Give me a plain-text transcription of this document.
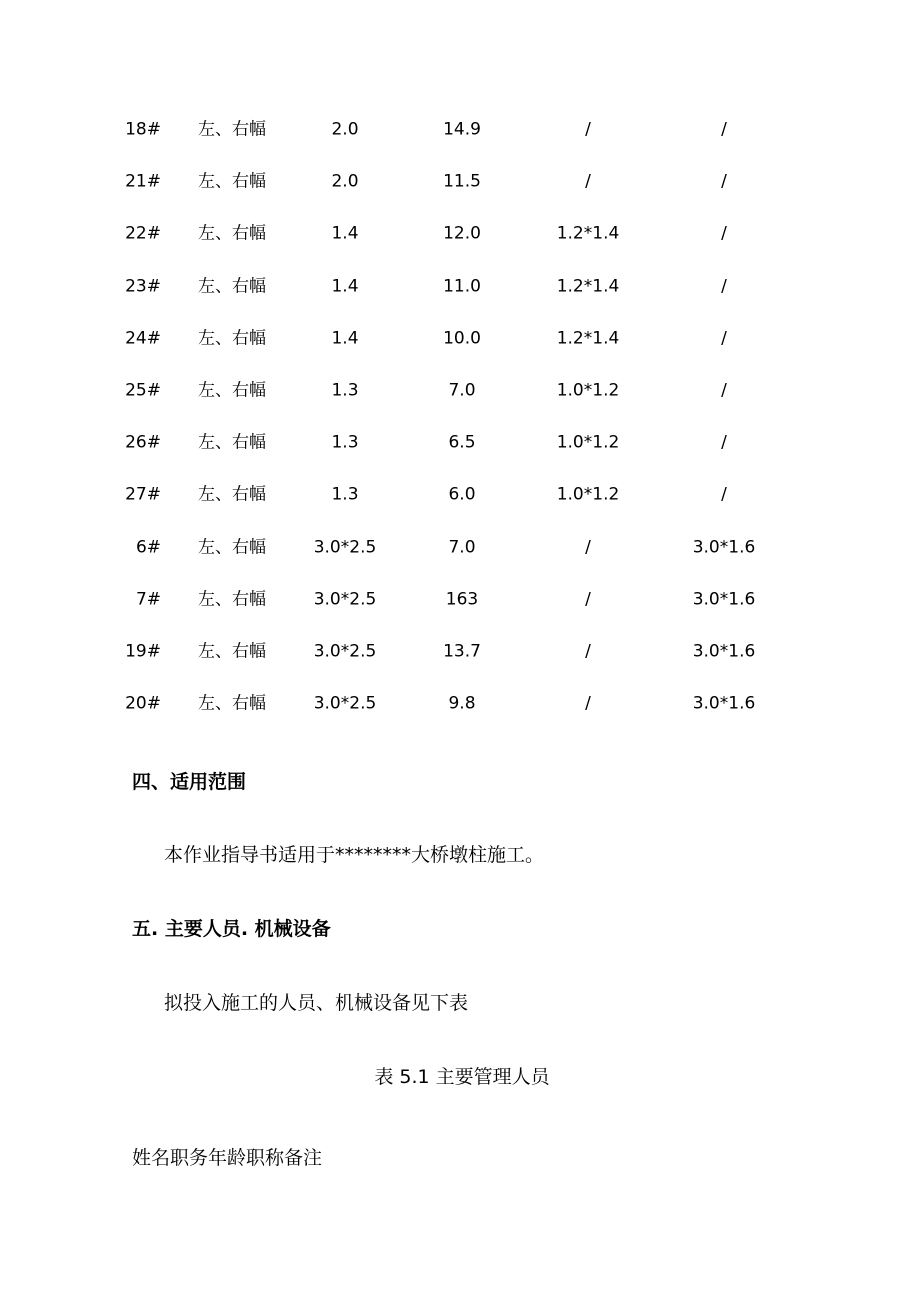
18# 左、右幅	2.0	14.9	/	/
21# 左、右幅	2.0	11.5	/	/
22# 左、右幅	1.4	12.0	1.2*1.4	/
23# 左、右幅	1.4	11.0	1.2*1.4	/
24# 左、右幅	1.4	10.0	1.2*1.4	/
25# 左、右幅	1.3	7.0	1.0*1.2	/
26# 左、右幅	1.3	6.5	1.0*1.2	/
27# 左、右幅	1.3	6.0	1.0*1.2	/
6# 左、右幅	3.0*2.5	7.0	/	3.0*1.6
7# 左、右幅	3.0*2.5	163	/	3.0*1.6
19# 左、右幅	3.0*2.5	13.7	/	3.0*1.6
20# 左、右幅	3.0*2.5	9.8	/	3.0*1.6
四、适用范围
本作业指导书适用于********大桥墩柱施工。
五. 主要人员. 机械设备
拟投入施工的人员、机械设备见下表
表 5.1 主要管理人员
姓名职务年龄职称备注
